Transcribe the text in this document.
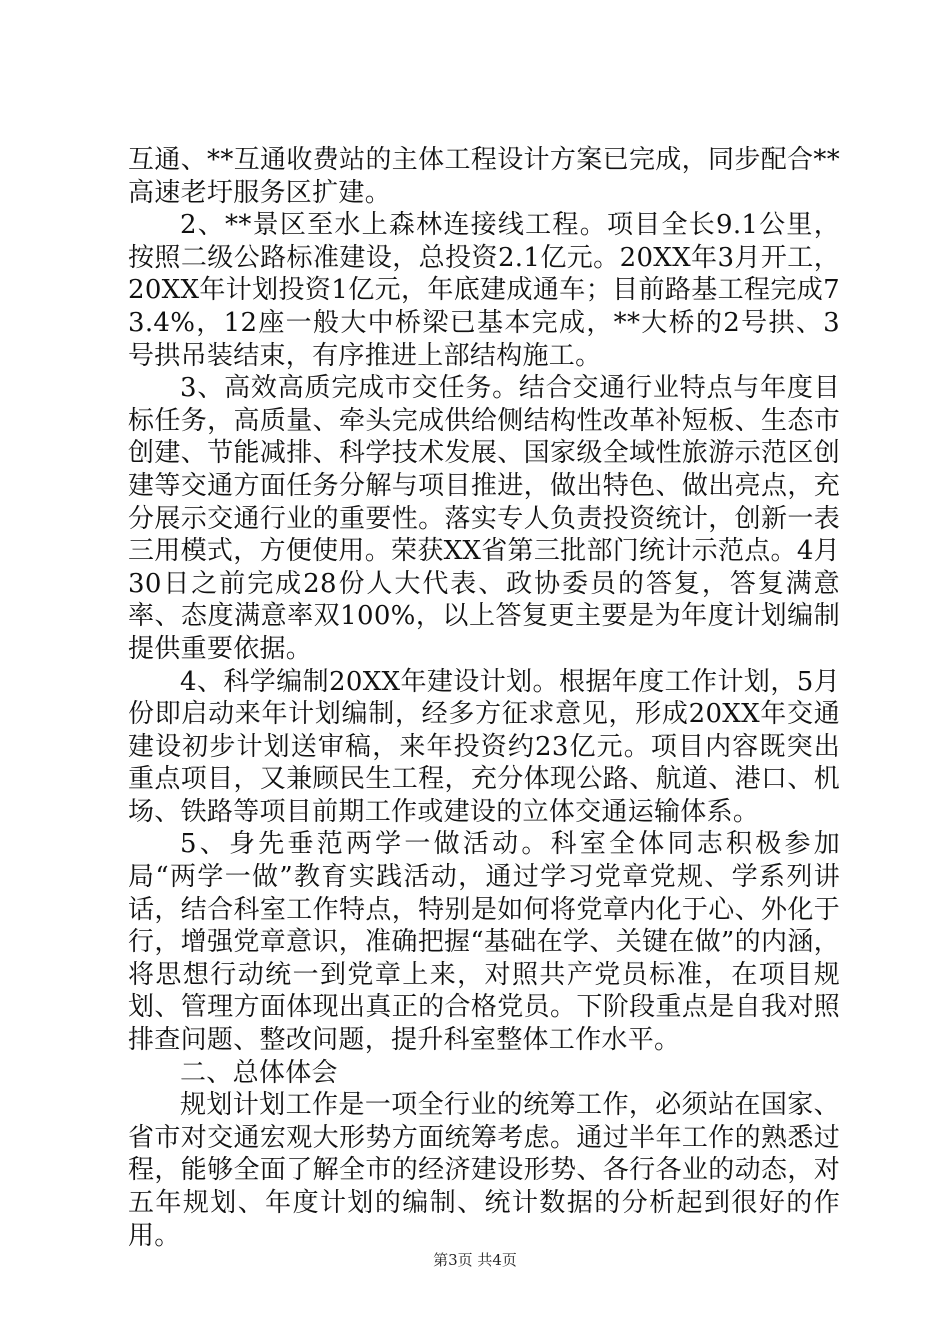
互通、**互通收费站的主体工程设计方案已完成，同步配合**高速老圩服务区扩建。

2、**景区至水上森林连接线工程。项目全长9.1公里，按照二级公路标准建设，总投资2.1亿元。20XX年3月开工，20XX年计划投资1亿元，年底建成通车；目前路基工程完成73.4%，12座一般大中桥梁已基本完成，**大桥的2号拱、3号拱吊装结束，有序推进上部结构施工。

3、高效高质完成市交任务。结合交通行业特点与年度目标任务，高质量、牵头完成供给侧结构性改革补短板、生态市创建、节能减排、科学技术发展、国家级全域性旅游示范区创建等交通方面任务分解与项目推进，做出特色、做出亮点，充分展示交通行业的重要性。落实专人负责投资统计，创新一表三用模式，方便使用。荣获XX省第三批部门统计示范点。4月30日之前完成28份人大代表、政协委员的答复，答复满意率、态度满意率双100%，以上答复更主要是为年度计划编制提供重要依据。

4、科学编制20XX年建设计划。根据年度工作计划，5月份即启动来年计划编制，经多方征求意见，形成20XX年交通建设初步计划送审稿，来年投资约23亿元。项目内容既突出重点项目，又兼顾民生工程，充分体现公路、航道、港口、机场、铁路等项目前期工作或建设的立体交通运输体系。

5、身先垂范两学一做活动。科室全体同志积极参加局“两学一做”教育实践活动，通过学习党章党规、学系列讲话，结合科室工作特点，特别是如何将党章内化于心、外化于行，增强党章意识，准确把握“基础在学、关键在做”的内涵，将思想行动统一到党章上来，对照共产党员标准，在项目规划、管理方面体现出真正的合格党员。下阶段重点是自我对照排查问题、整改问题，提升科室整体工作水平。

二、总体体会

规划计划工作是一项全行业的统筹工作，必须站在国家、省市对交通宏观大形势方面统筹考虑。通过半年工作的熟悉过程，能够全面了解全市的经济建设形势、各行各业的动态，对五年规划、年度计划的编制、统计数据的分析起到很好的作用。

第3页 共4页
